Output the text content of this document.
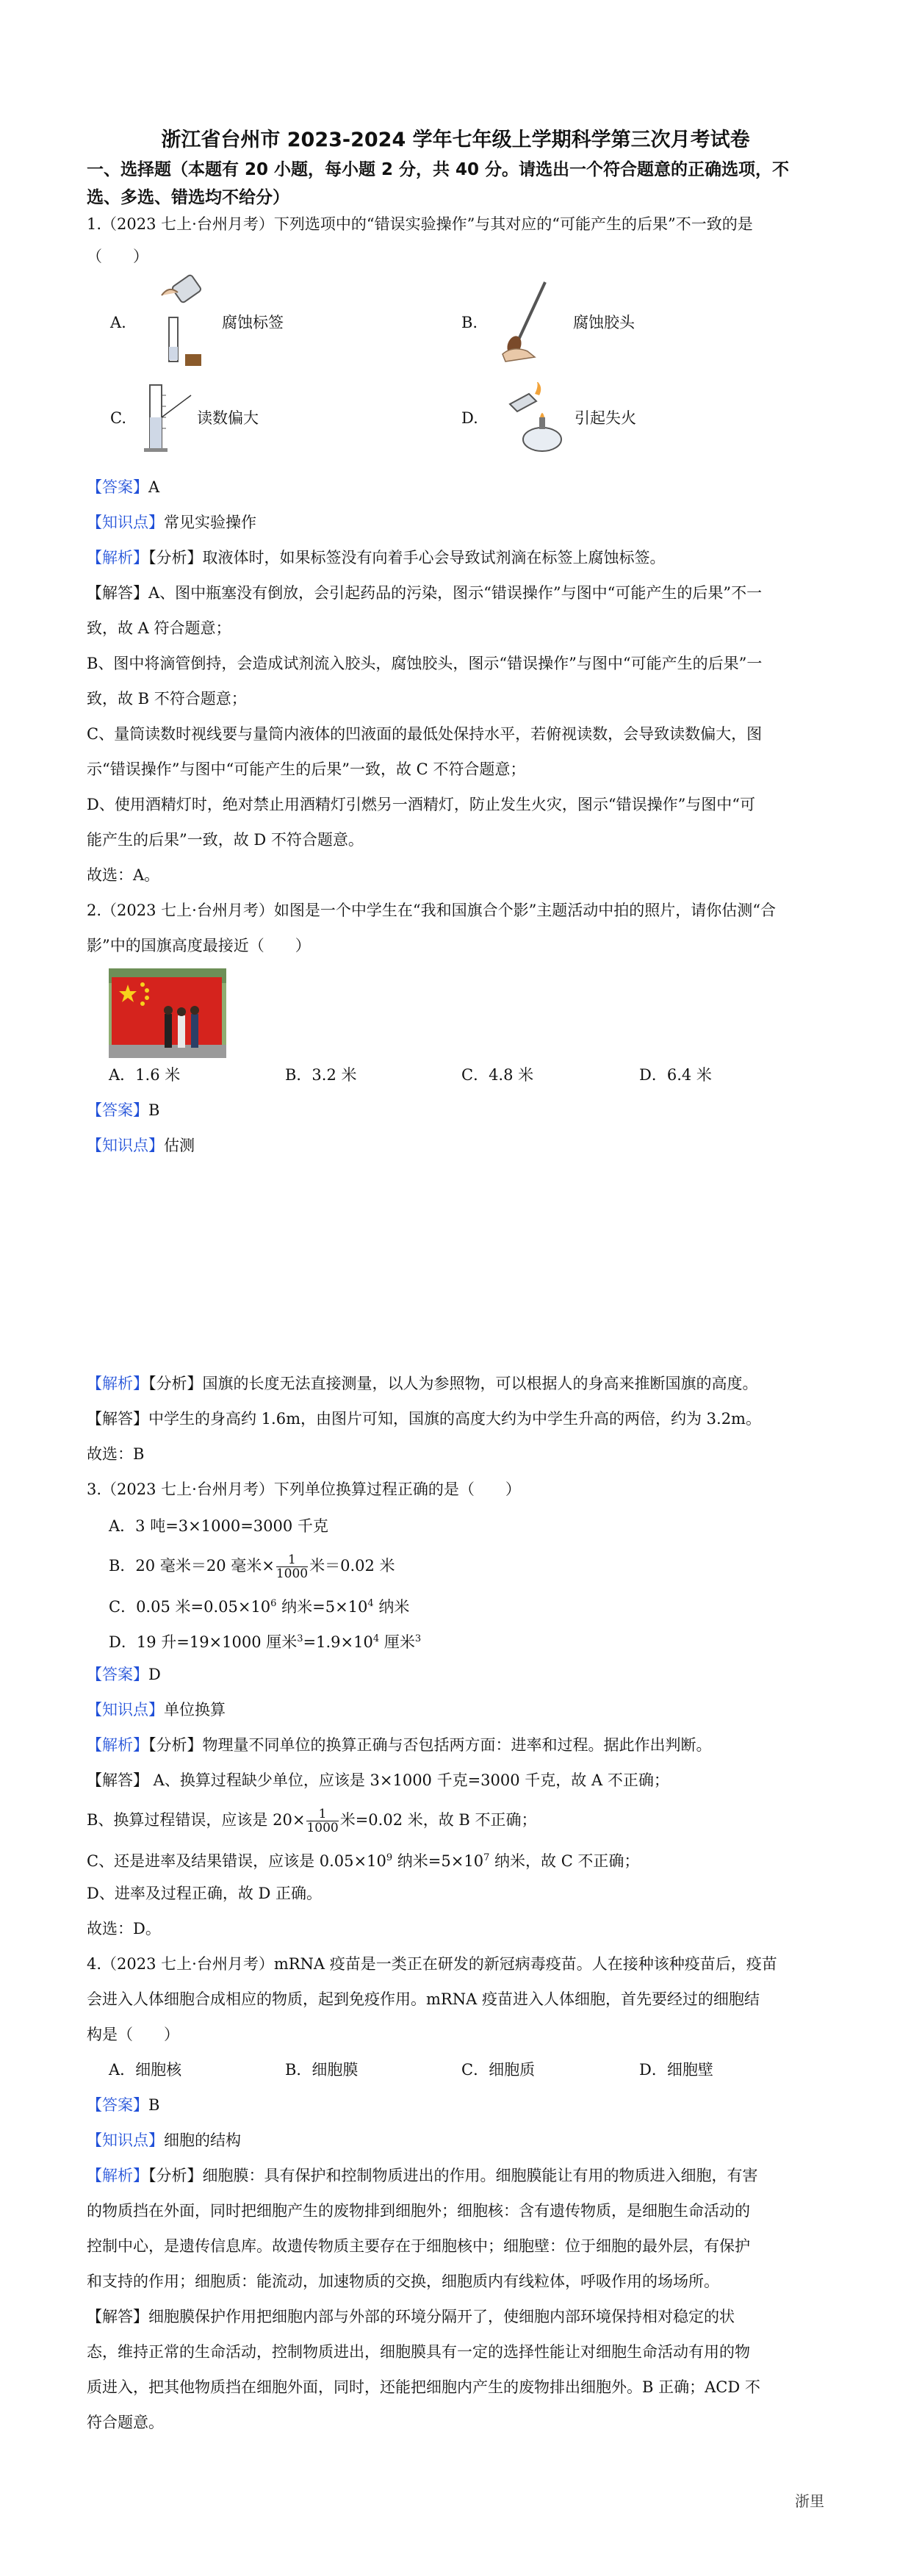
浙江省台州市 2023-2024 学年七年级上学期科学第三次月考试卷
一、选择题（本题有 20 小题，每小题 2 分，共 40 分。请选出一个符合题意的正确选项，不
选、多选、错选均不给分）
1.（2023 七上·台州月考）下列选项中的“错误实验操作”与其对应的“可能产生的后果”不一致的是
（　　）
A.	腐蚀标签	B.	腐蚀胶头
C.	读数偏大	D.	引起失火
【答案】A
【知识点】常见实验操作
【解析】【分析】取液体时，如果标签没有向着手心会导致试剂滴在标签上腐蚀标签。
【解答】A、图中瓶塞没有倒放，会引起药品的污染，图示“错误操作”与图中“可能产生的后果”不一
致，故 A 符合题意；
B、图中将滴管倒持，会造成试剂流入胶头，腐蚀胶头，图示“错误操作”与图中“可能产生的后果”一
致，故 B 不符合题意；
C、量筒读数时视线要与量筒内液体的凹液面的最低处保持水平，若俯视读数，会导致读数偏大，图
示“错误操作”与图中“可能产生的后果”一致，故 C 不符合题意；
D、使用酒精灯时，绝对禁止用酒精灯引燃另一酒精灯，防止发生火灾，图示“错误操作”与图中“可
能产生的后果”一致，故 D 不符合题意。
故选：A。
2.（2023 七上·台州月考）如图是一个中学生在“我和国旗合个影”主题活动中拍的照片，请你估测“合
影”中的国旗高度最接近（　　）
A．1.6 米	B．3.2 米	C．4.8 米	D．6.4 米
【答案】B
【知识点】估测
【解析】【分析】国旗的长度无法直接测量，以人为参照物，可以根据人的身高来推断国旗的高度。
【解答】中学生的身高约 1.6m，由图片可知，国旗的高度大约为中学生升高的两倍，约为 3.2m。
故选：B
3.（2023 七上·台州月考）下列单位换算过程正确的是（　　）
A．3 吨=3×1000=3000 千克
B．20 毫米＝20 毫米× $\frac{1}{1000}$ 米＝0.02 米
C．0.05 米$=0.05\times 10^6$ 纳米$=5\times 10^4$ 纳米
D．19 升=19×1000 厘米$^3=1.9\times 10^4$ 厘米$^3$
【答案】D
【知识点】单位换算
【解析】【分析】物理量不同单位的换算正确与否包括两方面：进率和过程。据此作出判断。
【解答】 A、换算过程缺少单位，应该是 3×1000 千克=3000 千克，故 A 不正确；
B、换算过程错误，应该是 $20\times \frac{1}{1000}$ 米=0.02 米，故 B 不正确；
C、还是进率及结果错误，应该是 $0.05\times 10^9$ 纳米$=5\times 10^7$ 纳米，故 C 不正确；
D、进率及过程正确，故 D 正确。
故选：D。
4.（2023 七上·台州月考）mRNA 疫苗是一类正在研发的新冠病毒疫苗。人在接种该种疫苗后，疫苗
会进入人体细胞合成相应的物质，起到免疫作用。mRNA 疫苗进入人体细胞，首先要经过的细胞结
构是（　　）
A．细胞核	B．细胞膜	C．细胞质	D．细胞壁
【答案】B
【知识点】细胞的结构
【解析】【分析】细胞膜：具有保护和控制物质进出的作用。细胞膜能让有用的物质进入细胞，有害
的物质挡在外面，同时把细胞产生的废物排到细胞外；细胞核：含有遗传物质，是细胞生命活动的
控制中心，是遗传信息库。故遗传物质主要存在于细胞核中；细胞壁：位于细胞的最外层，有保护
和支持的作用；细胞质：能流动，加速物质的交换，细胞质内有线粒体，呼吸作用的场场所。
【解答】细胞膜保护作用把细胞内部与外部的环境分隔开了，使细胞内部环境保持相对稳定的状
态，维持正常的生命活动，控制物质进出，细胞膜具有一定的选择性能让对细胞生命活动有用的物
质进入，把其他物质挡在细胞外面，同时，还能把细胞内产生的废物排出细胞外。B 正确；ACD 不
符合题意。
浙里
